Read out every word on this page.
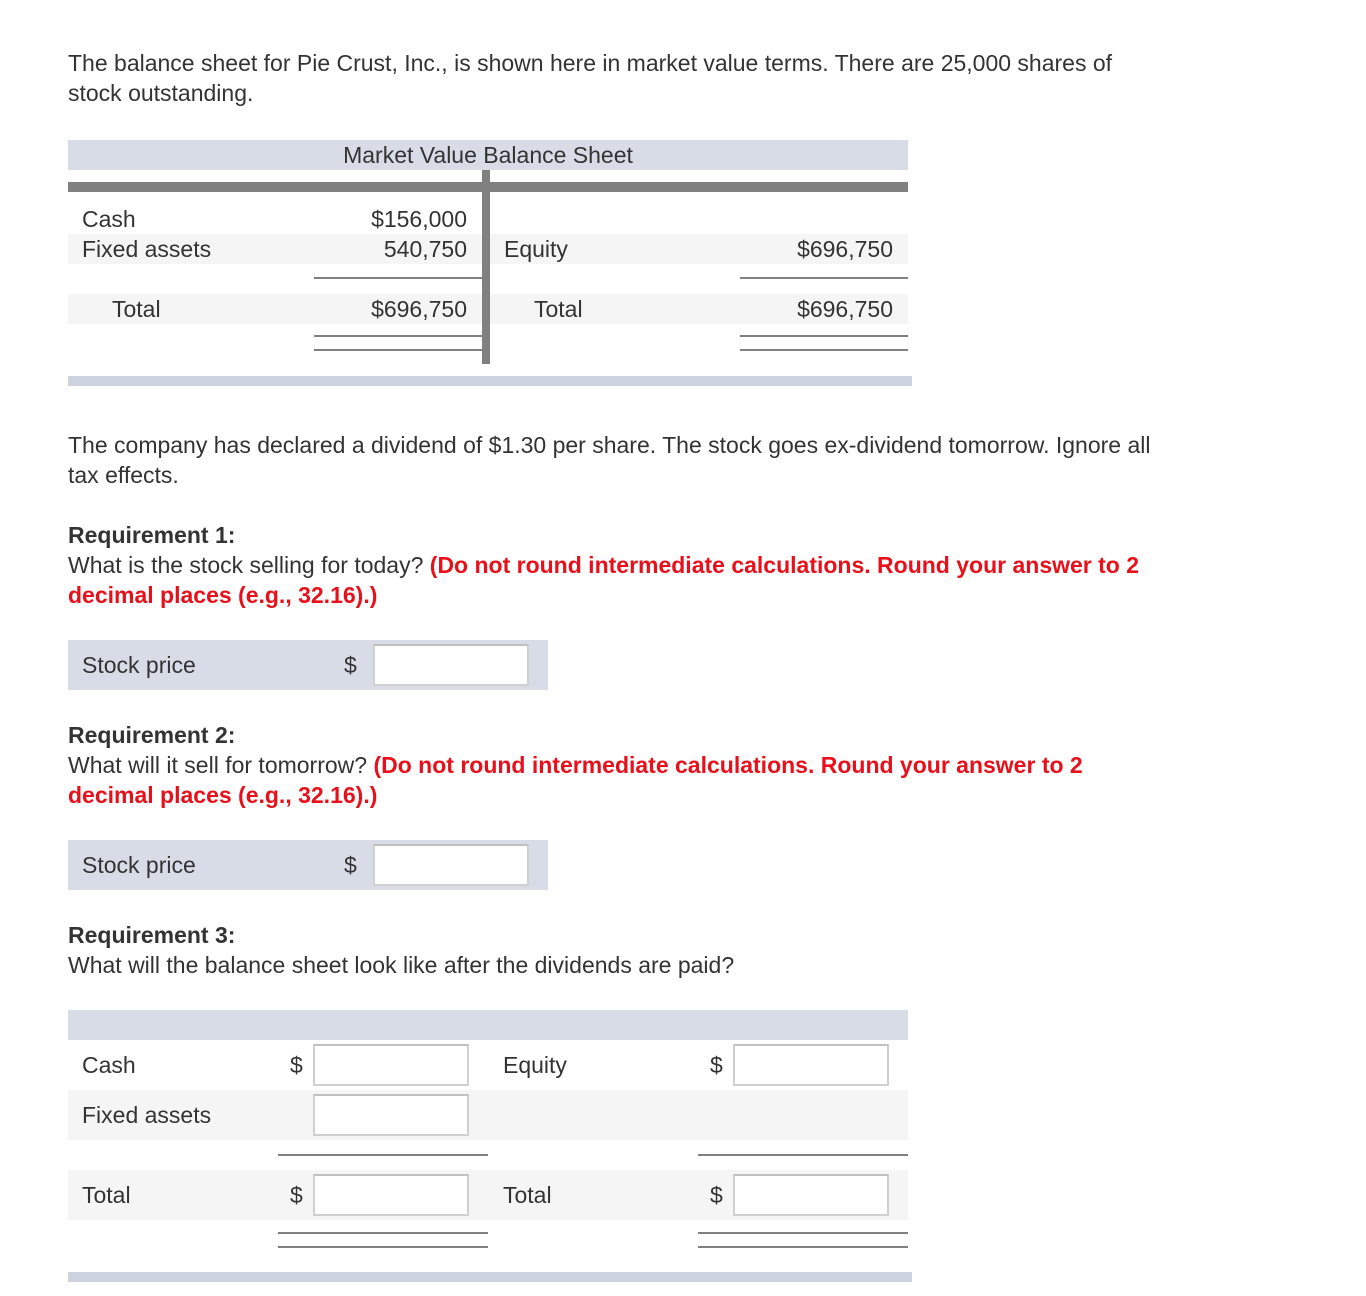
The balance sheet for Pie Crust, Inc., is shown here in market value terms. There are 25,000 shares of
stock outstanding.
Market Value Balance Sheet
Cash	$156,000
Fixed assets	540,750 Equity	$696,750
Total	$696,750	Total	$696,750
The company has declared a dividend of $1.30 per share. The stock goes ex-dividend tomorrow. Ignore all
tax effects.
Requirement 1:
What is the stock selling for today? (Do not round intermediate calculations. Round your answer to 2
decimal places (e.g., 32.16).)
Stock price	$
Requirement 2:
What will it sell for tomorrow? (Do not round intermediate calculations. Round your answer to 2
decimal places (e.g., 32.16).)
Stock price	$
Requirement 3:
What will the balance sheet look like after the dividends are paid?
Cash	$	Equity	$
Fixed assets
Total	$	Total	$
